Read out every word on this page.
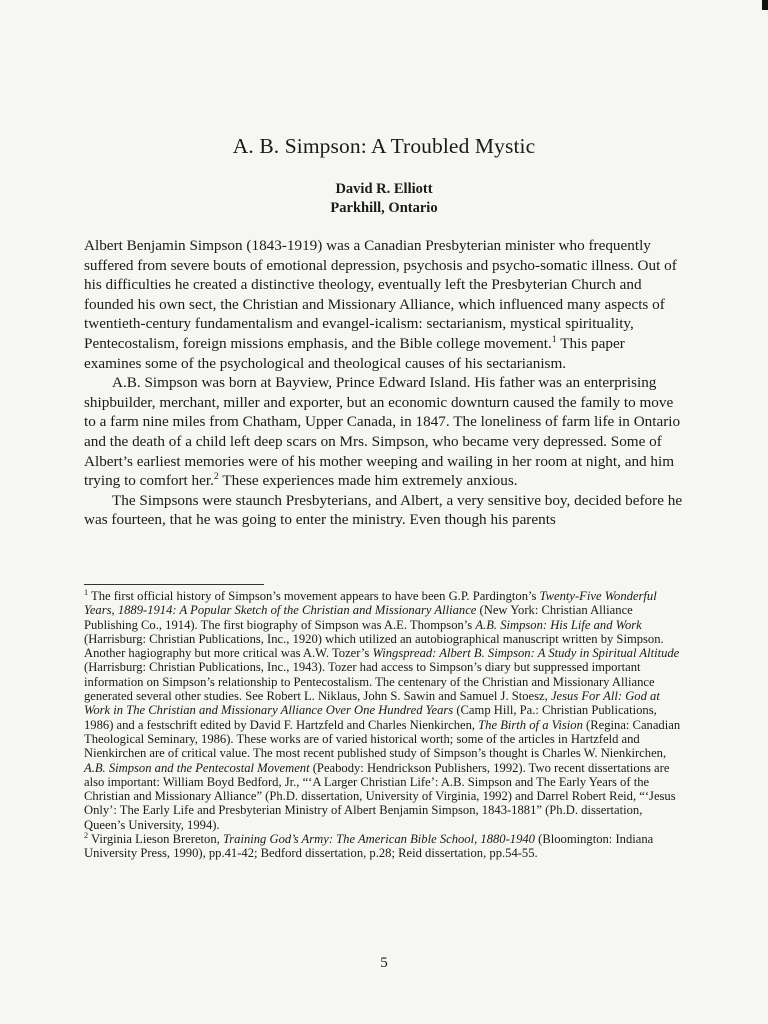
A. B. Simpson: A Troubled Mystic
David R. Elliott
Parkhill, Ontario

Albert Benjamin Simpson (1843-1919) was a Canadian Presbyterian minister who frequently suffered from severe bouts of emotional depression, psychosis and psycho-somatic illness. Out of his difficulties he created a distinctive theology, eventually left the Presbyterian Church and founded his own sect, the Christian and Missionary Alliance, which influenced many aspects of twentieth-century fundamentalism and evangel-icalism: sectarianism, mystical spirituality, Pentecostalism, foreign missions emphasis, and the Bible college movement.$^1$ This paper examines some of the psychological and theological causes of his sectarianism.

A.B. Simpson was born at Bayview, Prince Edward Island. His father was an enterprising shipbuilder, merchant, miller and exporter, but an economic downturn caused the family to move to a farm nine miles from Chatham, Upper Canada, in 1847. The loneliness of farm life in Ontario and the death of a child left deep scars on Mrs. Simpson, who became very depressed. Some of Albert’s earliest memories were of his mother weeping and wailing in her room at night, and him trying to comfort her.$^2$ These experiences made him extremely anxious.

The Simpsons were staunch Presbyterians, and Albert, a very sensitive boy, decided before he was fourteen, that he was going to enter the ministry. Even though his parents

$^1$ The first official history of Simpson’s movement appears to have been G.P. Pardington’s Twenty-Five Wonderful Years, 1889-1914: A Popular Sketch of the Christian and Missionary Alliance (New York: Christian Alliance Publishing Co., 1914). The first biography of Simpson was A.E. Thompson’s A.B. Simpson: His Life and Work (Harrisburg: Christian Publications, Inc., 1920) which utilized an autobiographical manuscript written by Simpson. Another hagiography but more critical was A.W. Tozer’s Wingspread: Albert B. Simpson: A Study in Spiritual Altitude (Harrisburg: Christian Publications, Inc., 1943). Tozer had access to Simpson’s diary but suppressed important information on Simpson’s relationship to Pentecostalism. The centenary of the Christian and Missionary Alliance generated several other studies. See Robert L. Niklaus, John S. Sawin and Samuel J. Stoesz, Jesus For All: God at Work in The Christian and Missionary Alliance Over One Hundred Years (Camp Hill, Pa.: Christian Publications, 1986) and a festschrift edited by David F. Hartzfeld and Charles Nienkirchen, The Birth of a Vision (Regina: Canadian Theological Seminary, 1986). These works are of varied historical worth; some of the articles in Hartzfeld and Nienkirchen are of critical value. The most recent published study of Simpson’s thought is Charles W. Nienkirchen, A.B. Simpson and the Pentecostal Movement (Peabody: Hendrickson Publishers, 1992). Two recent dissertations are also important: William Boyd Bedford, Jr., “‘A Larger Christian Life’: A.B. Simpson and The Early Years of the Christian and Missionary Alliance” (Ph.D. dissertation, University of Virginia, 1992) and Darrel Robert Reid, “‘Jesus Only’: The Early Life and Presbyterian Ministry of Albert Benjamin Simpson, 1843-1881” (Ph.D. dissertation, Queen’s University, 1994).

$^2$ Virginia Lieson Brereton, Training God’s Army: The American Bible School, 1880-1940 (Bloomington: Indiana University Press, 1990), pp.41-42; Bedford dissertation, p.28; Reid dissertation, pp.54-55.

5
